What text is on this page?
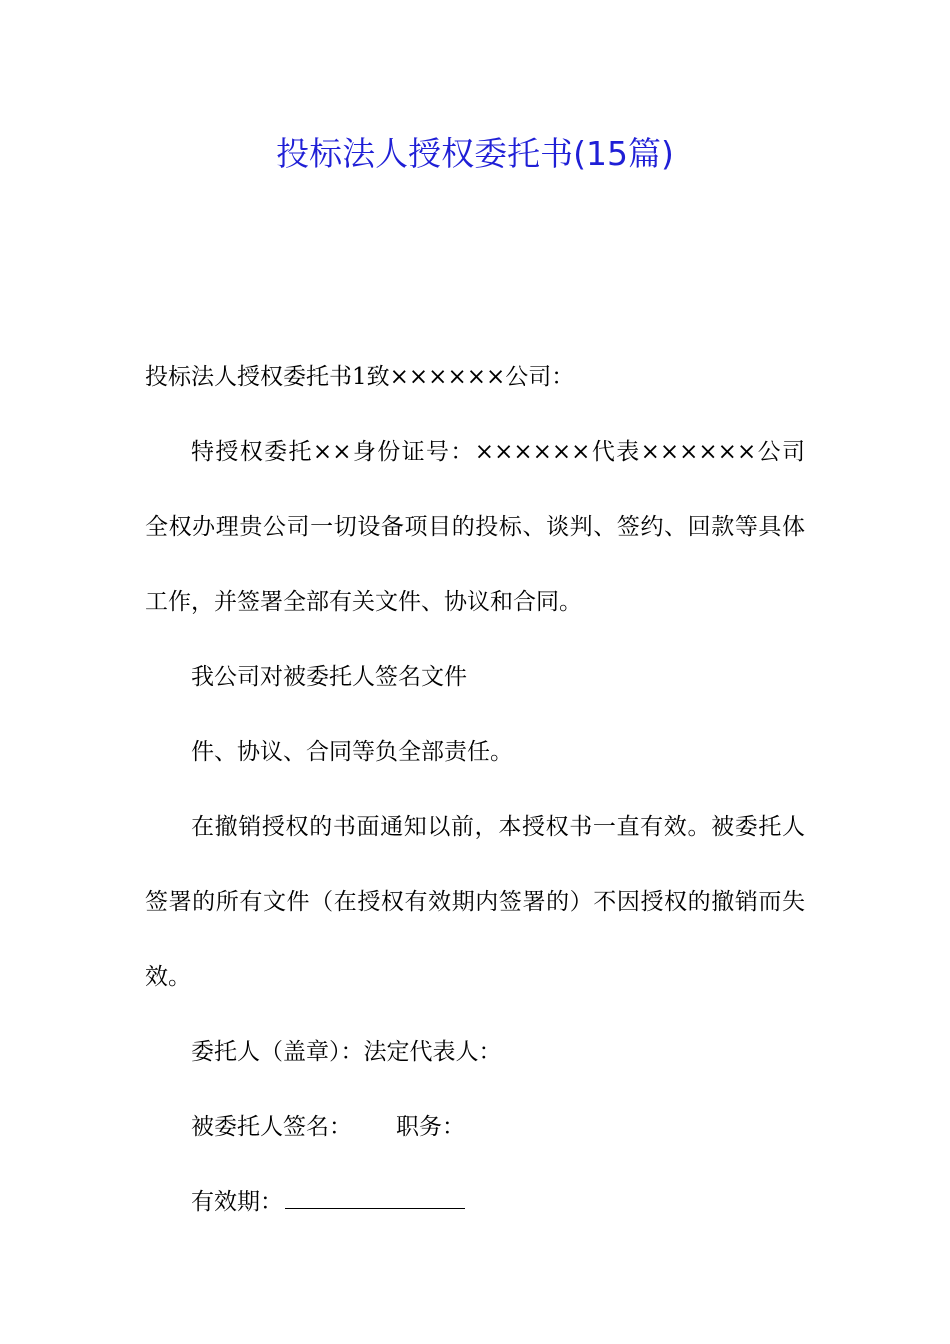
投标法人授权委托书(15篇)

投标法人授权委托书1致××××××公司：

特授权委托××身份证号：××××××代表××××××公司全权办理贵公司一切设备项目的投标、谈判、签约、回款等具体工作，并签署全部有关文件、协议和合同。

我公司对被委托人签名文件

件、协议、合同等负全部责任。

在撤销授权的书面通知以前，本授权书一直有效。被委托人签署的所有文件（在授权有效期内签署的）不因授权的撤销而失效。

委托人（盖章）：法定代表人：

被委托人签名： 职务：

有效期：
